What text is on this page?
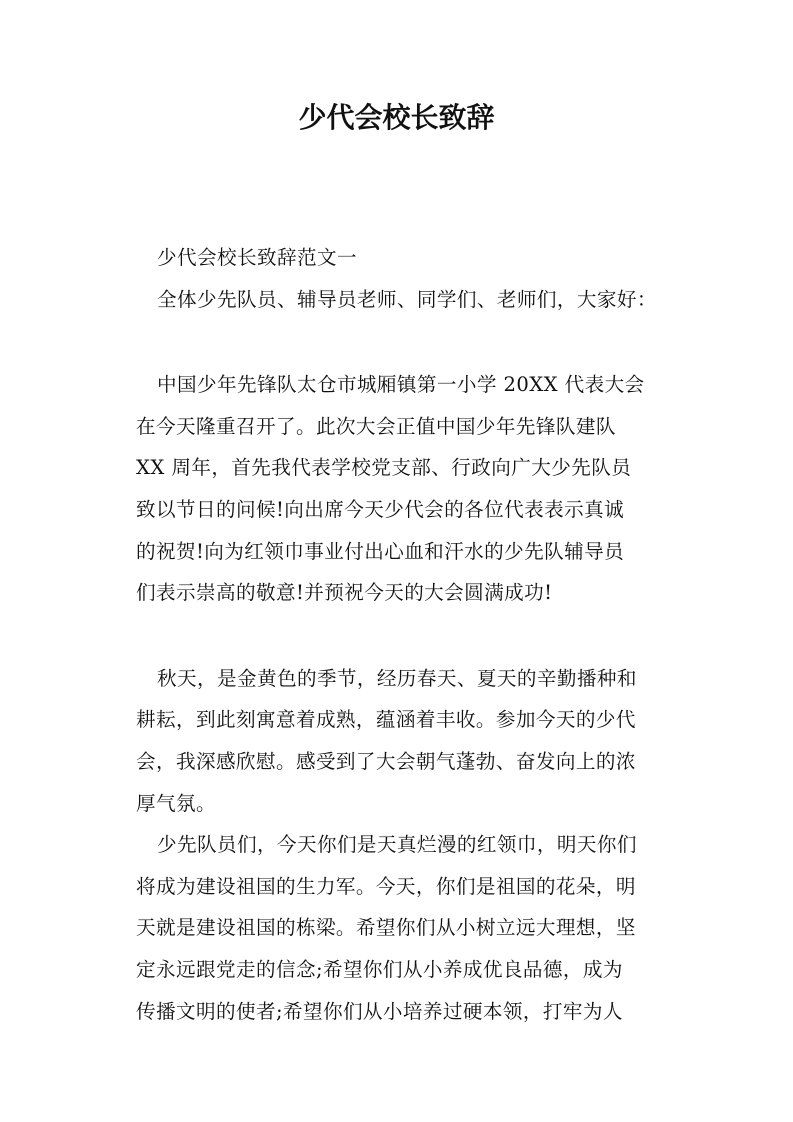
少代会校长致辞
少代会校长致辞范文一
全体少先队员、辅导员老师、同学们、老师们，大家好：
中国少年先锋队太仓市城厢镇第一小学 20XX 代表大会
在今天隆重召开了。此次大会正值中国少年先锋队建队
XX 周年，首先我代表学校党支部、行政向广大少先队员
致以节日的问候!向出席今天少代会的各位代表表示真诚
的祝贺!向为红领巾事业付出心血和汗水的少先队辅导员
们表示崇高的敬意!并预祝今天的大会圆满成功!
秋天，是金黄色的季节，经历春天、夏天的辛勤播种和
耕耘，到此刻寓意着成熟，蕴涵着丰收。参加今天的少代
会，我深感欣慰。感受到了大会朝气蓬勃、奋发向上的浓
厚气氛。
少先队员们，今天你们是天真烂漫的红领巾，明天你们
将成为建设祖国的生力军。今天，你们是祖国的花朵，明
天就是建设祖国的栋梁。希望你们从小树立远大理想，坚
定永远跟党走的信念;希望你们从小养成优良品德，成为
传播文明的使者;希望你们从小培养过硬本领，打牢为人
